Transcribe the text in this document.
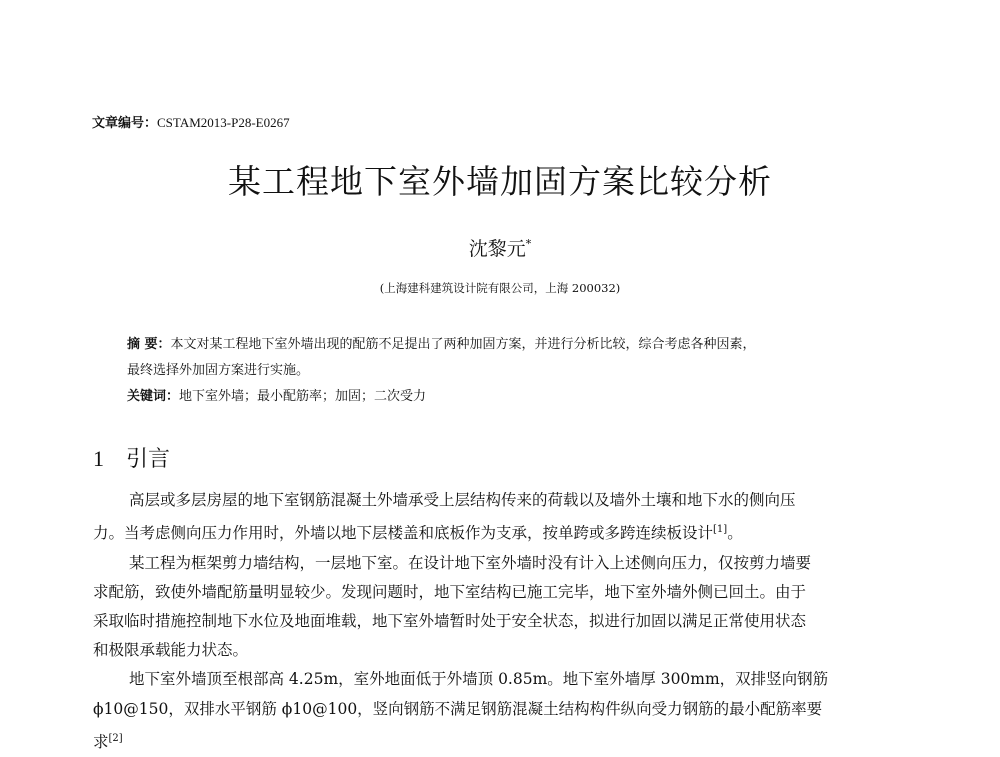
文章编号：CSTAM2013-P28-E0267
某工程地下室外墙加固方案比较分析
沈黎元*
(上海建科建筑设计院有限公司，上海 200032)

摘 要：本文对某工程地下室外墙出现的配筋不足提出了两种加固方案，并进行分析比较，综合考虑各种因素，

最终选择外加固方案进行实施。

关键词：地下室外墙；最小配筋率；加固；二次受力

1 引言
高层或多层房屋的地下室钢筋混凝土外墙承受上层结构传来的荷载以及墙外土壤和地下水的侧向压
力。当考虑侧向压力作用时，外墙以地下层楼盖和底板作为支承，按单跨或多跨连续板设计[1]。
某工程为框架剪力墙结构，一层地下室。在设计地下室外墙时没有计入上述侧向压力，仅按剪力墙要
求配筋，致使外墙配筋量明显较少。发现问题时，地下室结构已施工完毕，地下室外墙外侧已回土。由于
采取临时措施控制地下水位及地面堆载，地下室外墙暂时处于安全状态，拟进行加固以满足正常使用状态
和极限承载能力状态。
地下室外墙顶至根部高 4.25m，室外地面低于外墙顶 0.85m。地下室外墙厚 300mm，双排竖向钢筋
ϕ10@150，双排水平钢筋 ϕ10@100，竖向钢筋不满足钢筋混凝土结构构件纵向受力钢筋的最小配筋率要
求[2]
